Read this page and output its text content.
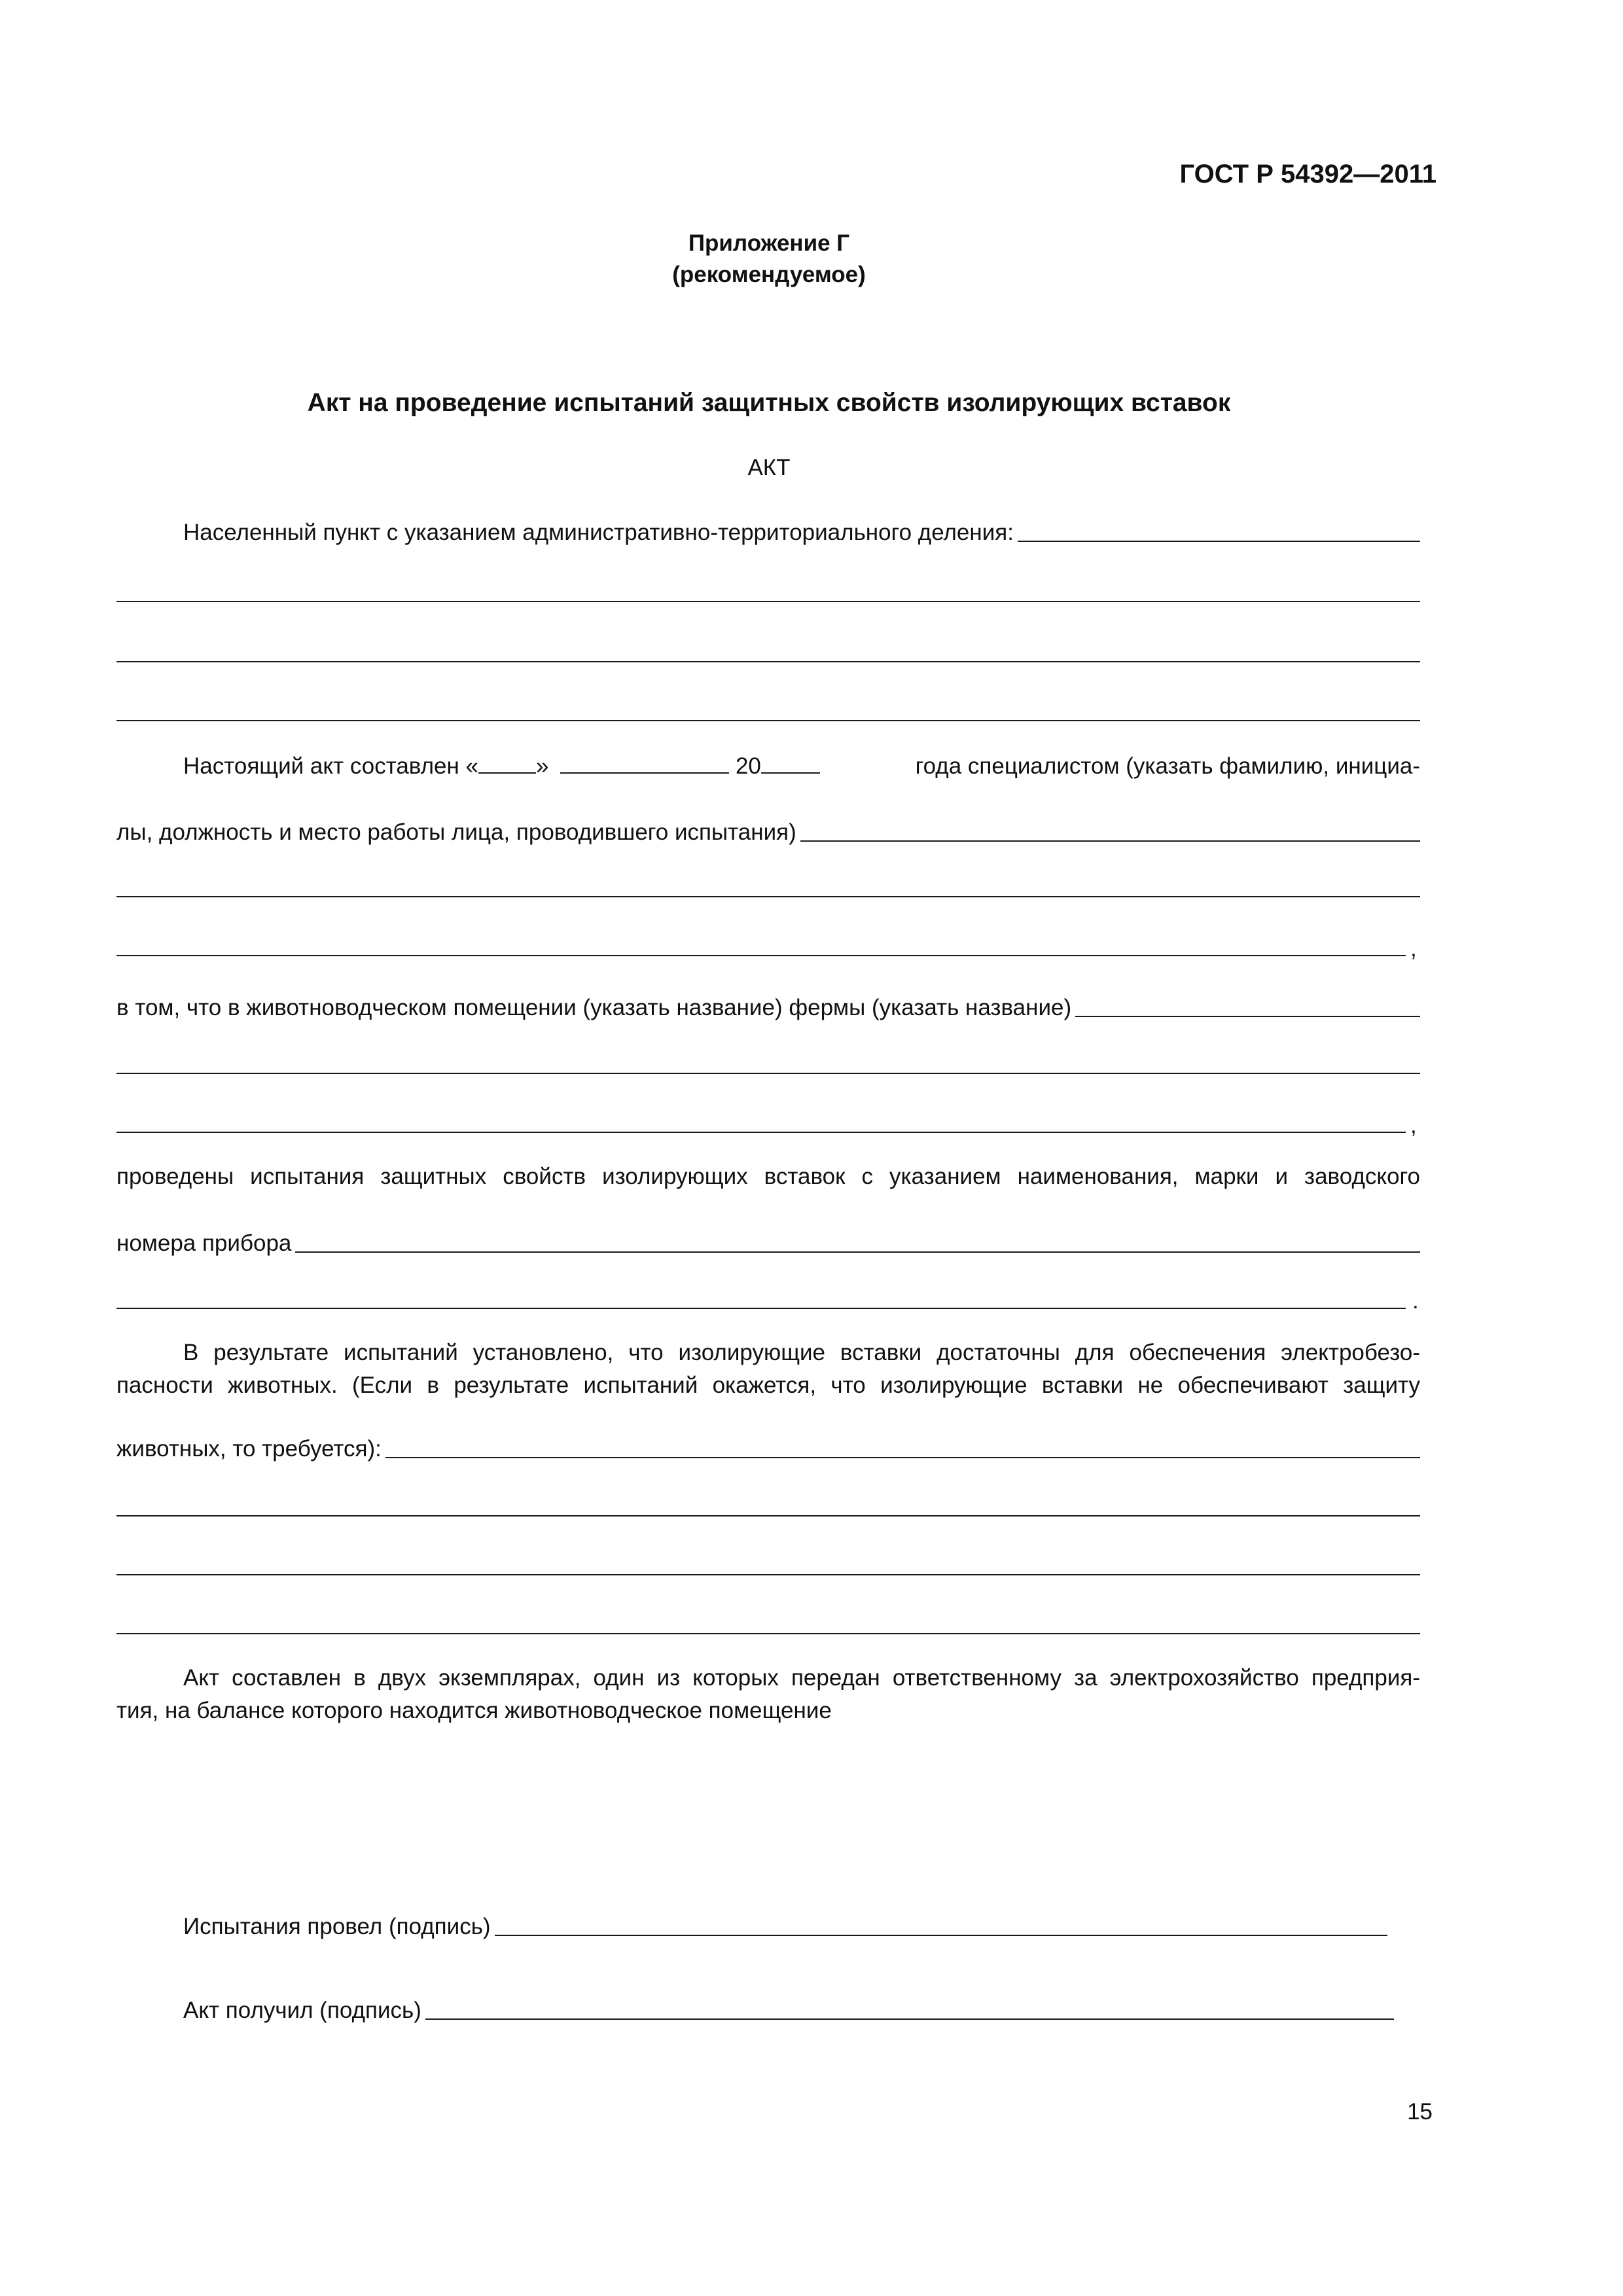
ГОСТ Р 54392—2011
Приложение Г
(рекомендуемое)
Акт на проведение испытаний защитных свойств изолирующих вставок
АКТ
Населенный пункт с указанием административно-территориального деления:
Настоящий акт составлен «	»	20	года специалистом (указать фамилию, инициа-
лы, должность и место работы лица, проводившего испытания)
,
в том, что в животноводческом помещении (указать название) фермы (указать название)
,
проведены испытания защитных свойств изолирующих вставок с указанием наименования, марки и заводского
номера прибора
.
В результате испытаний установлено, что изолирующие вставки достаточны для обеспечения электробезо-
пасности животных. (Если в результате испытаний окажется, что изолирующие вставки не обеспечивают защиту
животных, то требуется):
Акт составлен в двух экземплярах, один из которых передан ответственному за электрохозяйство предприя-
тия, на балансе которого находится животноводческое помещение
Испытания провел (подпись)
Акт получил (подпись)
15
